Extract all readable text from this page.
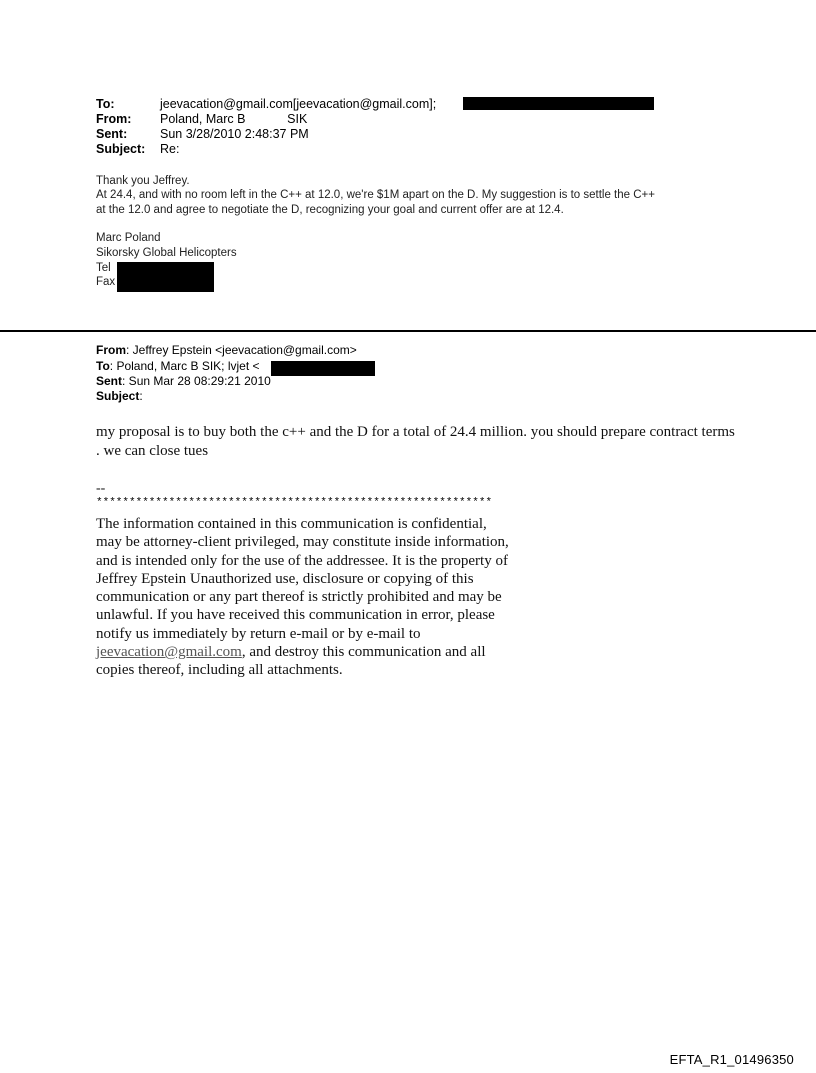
To:	jeevacation@gmail.com[jeevacation@gmail.com];
From: Poland, Marc B            SIK
Sent:	Sun 3/28/2010 2:48:37 PM
Subject: Re:
Thank you Jeffrey.
At 24.4, and with no room left in the C++ at 12.0, we're $1M apart on the D. My suggestion is to settle the C++
at the 12.0 and agree to negotiate the D, recognizing your goal and current offer are at 12.4.
Marc Poland
Sikorsky Global Helicopters
Tel
Fax
From: Jeffrey Epstein <jeevacation@gmail.com>
To: Poland, Marc B SIK; lvjet <
Sent: Sun Mar 28 08:29:21 2010
Subject:
my proposal is to buy both the c++ and the D for a total of 24.4 million. you should prepare contract terms . we can close tues
--
************************************************************
The information contained in this communication is confidential, may be attorney-client privileged, may constitute inside information, and is intended only for the use of the addressee. It is the property of Jeffrey Epstein Unauthorized use, disclosure or copying of this communication or any part thereof is strictly prohibited and may be unlawful. If you have received this communication in error, please notify us immediately by return e-mail or by e-mail to jeevacation@gmail.com, and destroy this communication and all copies thereof, including all attachments.
EFTA_R1_01496350
